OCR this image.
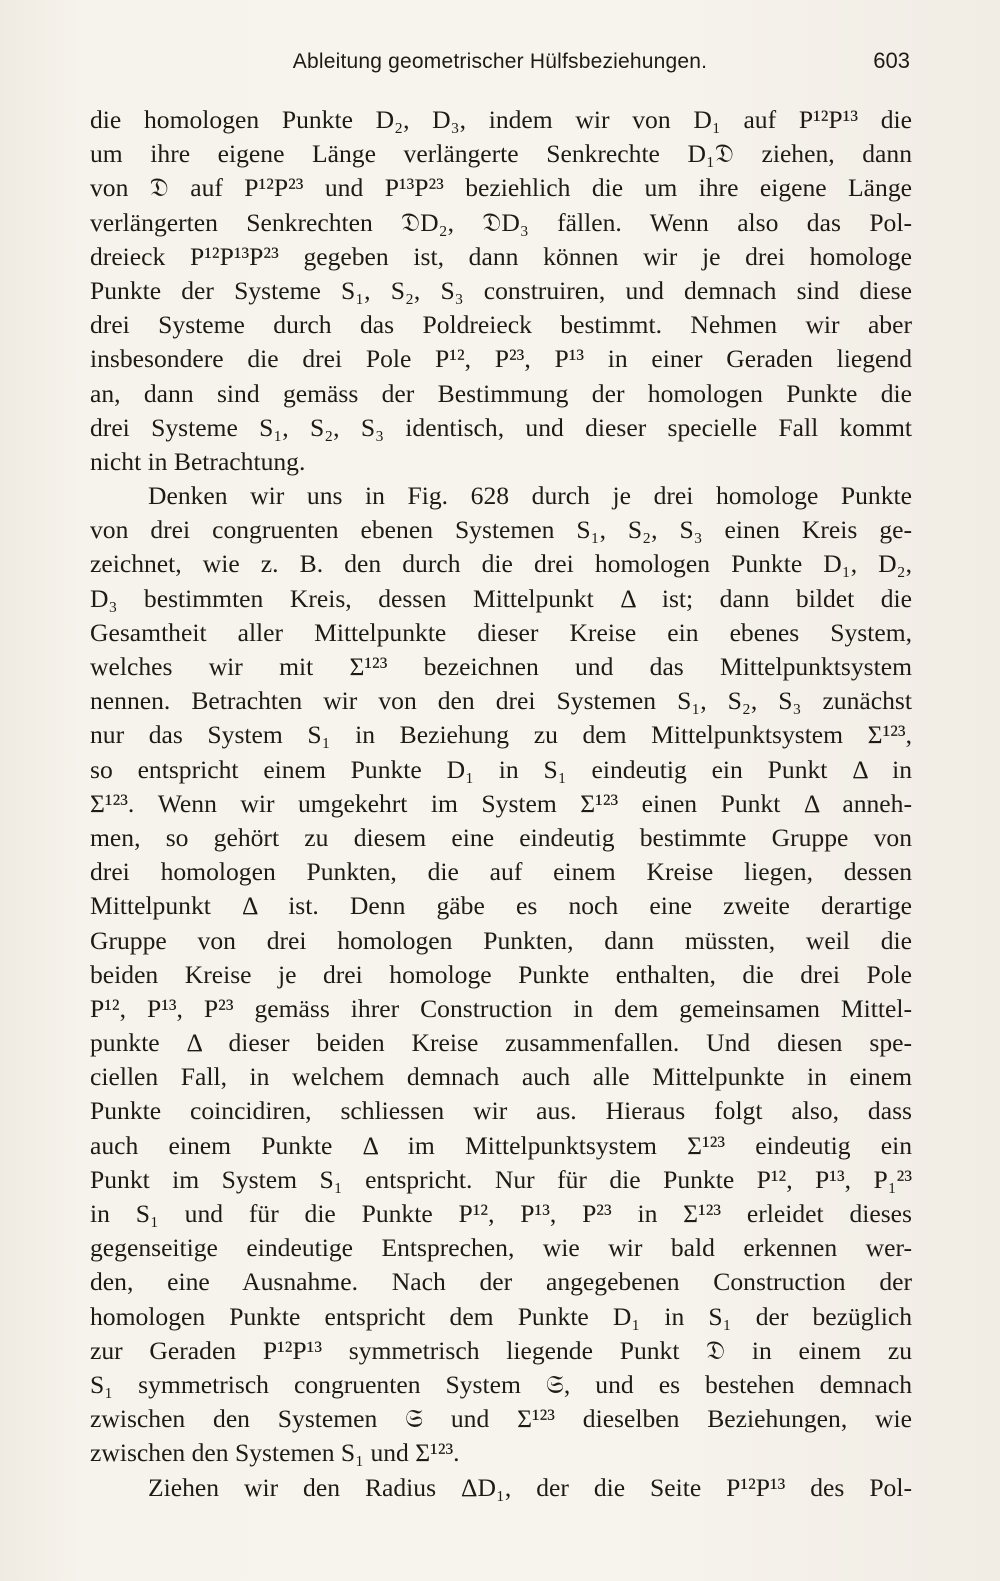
Ableitung geometrischer Hülfsbeziehungen.	603
die homologen Punkte D₂, D₃, indem wir von D₁ auf P¹²P¹³ die
um ihre eigene Länge verlängerte Senkrechte D₁𝔇 ziehen, dann
von 𝔇 auf P¹²P²³ und P¹³P²³ beziehlich die um ihre eigene Länge
verlängerten Senkrechten 𝔇D₂, 𝔇D₃ fällen. Wenn also das Pol-
dreieck P¹²P¹³P²³ gegeben ist, dann können wir je drei homologe
Punkte der Systeme S₁, S₂, S₃ construiren, und demnach sind diese
drei Systeme durch das Poldreieck bestimmt. Nehmen wir aber
insbesondere die drei Pole P¹², P²³, P¹³ in einer Geraden liegend
an, dann sind gemäss der Bestimmung der homologen Punkte die
drei Systeme S₁, S₂, S₃ identisch, und dieser specielle Fall kommt
nicht in Betrachtung.
Denken wir uns in Fig. 628 durch je drei homologe Punkte
von drei congruenten ebenen Systemen S₁, S₂, S₃ einen Kreis ge-
zeichnet, wie z. B. den durch die drei homologen Punkte D₁, D₂,
D₃ bestimmten Kreis, dessen Mittelpunkt Δ ist; dann bildet die
Gesamtheit aller Mittelpunkte dieser Kreise ein ebenes System,
welches wir mit Σ¹²³ bezeichnen und das Mittelpunktsystem
nennen. Betrachten wir von den drei Systemen S₁, S₂, S₃ zunächst
nur das System S₁ in Beziehung zu dem Mittelpunktsystem Σ¹²³,
so entspricht einem Punkte D₁ in S₁ eindeutig ein Punkt Δ in
Σ¹²³. Wenn wir umgekehrt im System Σ¹²³ einen Punkt Δ anneh-
men, so gehört zu diesem eine eindeutig bestimmte Gruppe von
drei homologen Punkten, die auf einem Kreise liegen, dessen
Mittelpunkt Δ ist. Denn gäbe es noch eine zweite derartige
Gruppe von drei homologen Punkten, dann müssten, weil die
beiden Kreise je drei homologe Punkte enthalten, die drei Pole
P¹², P¹³, P²³ gemäss ihrer Construction in dem gemeinsamen Mittel-
punkte Δ dieser beiden Kreise zusammenfallen. Und diesen spe-
ciellen Fall, in welchem demnach auch alle Mittelpunkte in einem
Punkte coincidiren, schliessen wir aus. Hieraus folgt also, dass
auch einem Punkte Δ im Mittelpunktsystem Σ¹²³ eindeutig ein
Punkt im System S₁ entspricht. Nur für die Punkte P¹², P¹³, P₁²³
in S₁ und für die Punkte P¹², P¹³, P²³ in Σ¹²³ erleidet dieses
gegenseitige eindeutige Entsprechen, wie wir bald erkennen wer-
den, eine Ausnahme. Nach der angegebenen Construction der
homologen Punkte entspricht dem Punkte D₁ in S₁ der bezüglich
zur Geraden P¹²P¹³ symmetrisch liegende Punkt 𝔇 in einem zu
S₁ symmetrisch congruenten System 𝔖, und es bestehen demnach
zwischen den Systemen 𝔖 und Σ¹²³ dieselben Beziehungen, wie
zwischen den Systemen S₁ und Σ¹²³.
Ziehen wir den Radius ΔD₁, der die Seite P¹²P¹³ des Pol-
